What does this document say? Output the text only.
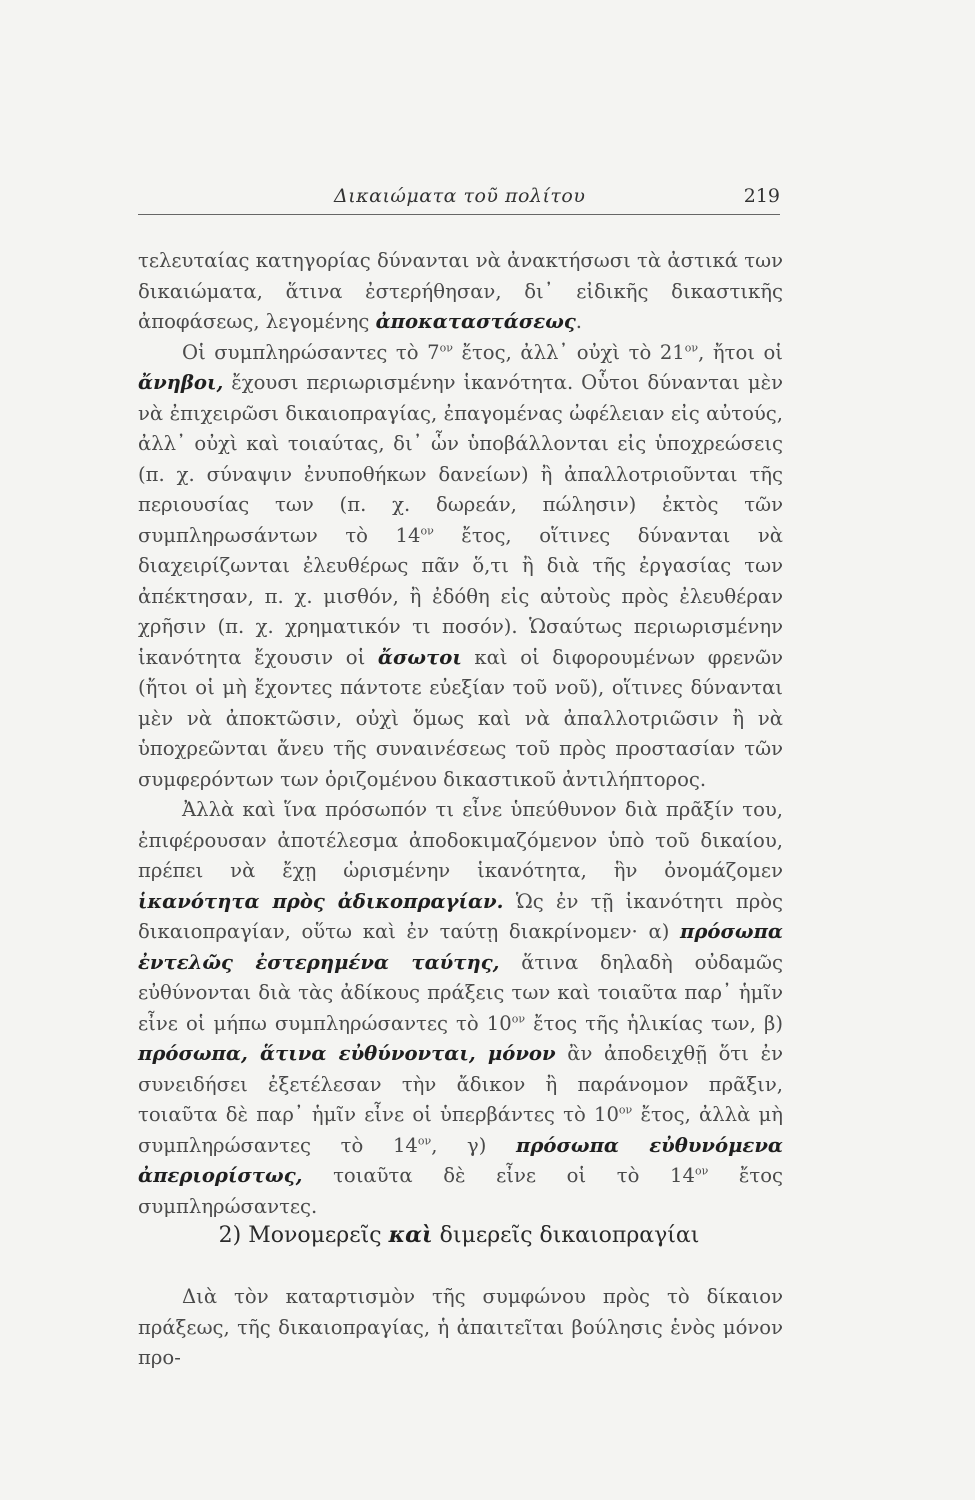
Δικαιώματα τοῦ πολίτου	219

τελευταίας κατηγορίας δύνανται νὰ ἀνακτήσωσι τὰ ἀστικά των δικαιώματα, ἅτινα ἐστερήθησαν, δι᾽ εἰδικῆς δικαστικῆς ἀποφάσεως, λεγομένης ἀποκαταστάσεως.

Οἱ συμπληρώσαντες τὸ $7^{o\nu}$ ἔτος, ἀλλ᾽ οὐχὶ τὸ $21^{o\nu}$, ἤτοι οἱ ἄνηβοι, ἔχουσι περιωρισμένην ἱκανότητα. Οὗτοι δύνανται μὲν νὰ ἐπιχειρῶσι δικαιοπραγίας, ἐπαγομένας ὠφέλειαν εἰς αὐτούς, ἀλλ᾽ οὐχὶ καὶ τοιαύτας, δι᾽ ὧν ὑποβάλλονται εἰς ὑποχρεώσεις (π. χ. σύναψιν ἐνυποθήκων δανείων) ἢ ἀπαλλοτριοῦνται τῆς περιουσίας των (π. χ. δωρεάν, πώλησιν) ἐκτὸς τῶν συμπληρωσάντων τὸ $14^{o\nu}$ ἔτος, οἵτινες δύνανται νὰ διαχειρίζωνται ἐλευθέρως πᾶν ὅ,τι ἢ διὰ τῆς ἐργασίας των ἀπέκτησαν, π. χ. μισθόν, ἢ ἐδόθη εἰς αὐτοὺς πρὸς ἐλευθέραν χρῆσιν (π. χ. χρηματικόν τι ποσόν). Ὡσαύτως περιωρισμένην ἱκανότητα ἔχουσιν οἱ ἄσωτοι καὶ οἱ διφορουμένων φρενῶν (ἤτοι οἱ μὴ ἔχοντες πάντοτε εὐεξίαν τοῦ νοῦ), οἵτινες δύνανται μὲν νὰ ἀποκτῶσιν, οὐχὶ ὅμως καὶ νὰ ἀπαλλοτριῶσιν ἢ νὰ ὑποχρεῶνται ἄνευ τῆς συναινέσεως τοῦ πρὸς προστασίαν τῶν συμφερόντων των ὁριζομένου δικαστικοῦ ἀντιλήπτορος.

Ἀλλὰ καὶ ἵνα πρόσωπόν τι εἶνε ὑπεύθυνον διὰ πρᾶξίν του, ἐπιφέρουσαν ἀποτέλεσμα ἀποδοκιμαζόμενον ὑπὸ τοῦ δικαίου, πρέπει νὰ ἔχῃ ὡρισμένην ἱκανότητα, ἣν ὀνομάζομεν ἱκανότητα πρὸς ἀδικοπραγίαν. Ὡς ἐν τῇ ἱκανότητι πρὸς δικαιοπραγίαν, οὕτω καὶ ἐν ταύτῃ διακρίνομεν· α) πρόσωπα ἐντελῶς ἐστερημένα ταύτης, ἅτινα δηλαδὴ οὐδαμῶς εὐθύνονται διὰ τὰς ἀδίκους πράξεις των καὶ τοιαῦτα παρ᾽ ἡμῖν εἶνε οἱ μήπω συμπληρώσαντες τὸ $10^{o\nu}$ ἔτος τῆς ἡλικίας των, β) πρόσωπα, ἅτινα εὐθύνονται, μόνον ἂν ἀποδειχθῇ ὅτι ἐν συνειδήσει ἐξετέλεσαν τὴν ἄδικον ἢ παράνομον πρᾶξιν, τοιαῦτα δὲ παρ᾽ ἡμῖν εἶνε οἱ ὑπερβάντες τὸ $10^{o\nu}$ ἔτος, ἀλλὰ μὴ συμπληρώσαντες τὸ $14^{o\nu}$, γ) πρόσωπα εὐθυνόμενα ἀπεριορίστως, τοιαῦτα δὲ εἶνε οἱ τὸ $14^{o\nu}$ ἔτος συμπληρώσαντες.

2) Μονομερεῖς καὶ διμερεῖς δικαιοπραγίαι

Διὰ τὸν καταρτισμὸν τῆς συμφώνου πρὸς τὸ δίκαιον πράξεως, τῆς δικαιοπραγίας, ἡ ἀπαιτεῖται βούλησις ἑνὸς μόνον προ-
